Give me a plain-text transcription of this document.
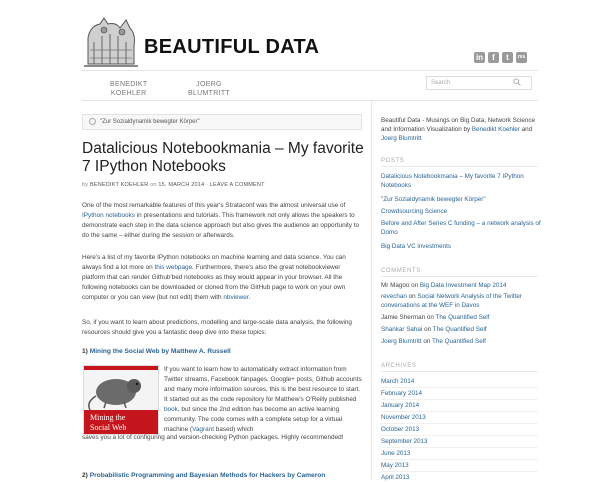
BEAUTIFUL DATA	in	f	t	rss
BENEDIKT
KOEHLER
JOERG
BLUMTRITT
Search
"Zur Sozialdynamik bewegter Körper"
Datalicious Notebookmania – My favorite 7 IPython Notebooks
by BENEDIKT KOEHLER on 15. MARCH 2014 · LEAVE A COMMENT
One of the most remarkable features of this year's Strataconf was the almost universal use of IPython notebooks in presentations and tutorials. This framework not only allows the speakers to demonstrate each step in the data science approach but also gives the audience an opportunity to do the same – either during the session or afterwards.
Here's a list of my favorite IPython notebooks on machine learning and data science. You can always find a lot more on this webpage. Furthermore, there's also the great notebookviewer platform that can render Github'bed notebooks as they would appear in your browser. All the following notebooks can be downloaded or cloned from the GitHub page to work on your own computer or you can view (but not edit) them with nbviewer.
So, if you want to learn about predictions, modelling and large-scale data analysis, the following resources should give you a fantastic deep dive into these topics:
1) Mining the Social Web by Matthew A. Russell
Mining the
Social Web
If you want to learn how to automatically extract information from Twitter streams, Facebook fanpages, Google+ posts, Github accounts and many more information sources, this is the best resource to start. It started out as the code repository for Matthew's O'Reilly published book, but since the 2nd edition has become an active learning community. The code comes with a complete setup for a virtual machine (Vagrant based) which
saves you a lot of configuring and version-checking Python packages. Highly recommended!
2) Probabilistic Programming and Bayesian Methods for Hackers by Cameron
Beautiful Data - Musings on Big Data, Network Science and Information Visualization by Benedikt Koehler and Joerg Blumtritt
POSTS
Datalicious Notebookmania – My favorite 7 IPython Notebooks
"Zur Sozialdynamik bewegter Körper"
Crowdsourcing Science
Before and After Series C funding – a network analysis of Domo
Big Data VC investments
COMMENTS
Mr Magoo on Big Data Investment Map 2014
revechan on Social Network Analysis of the Twitter conversations at the WEF in Davos
Jamie Sherman on The Quantified Self
Shankar Sahai on The Quantified Self
Joerg Blumtritt on The Quantified Self
ARCHIVES
March 2014
February 2014
January 2014
November 2013
October 2013
September 2013
June 2013
May 2013
April 2013
